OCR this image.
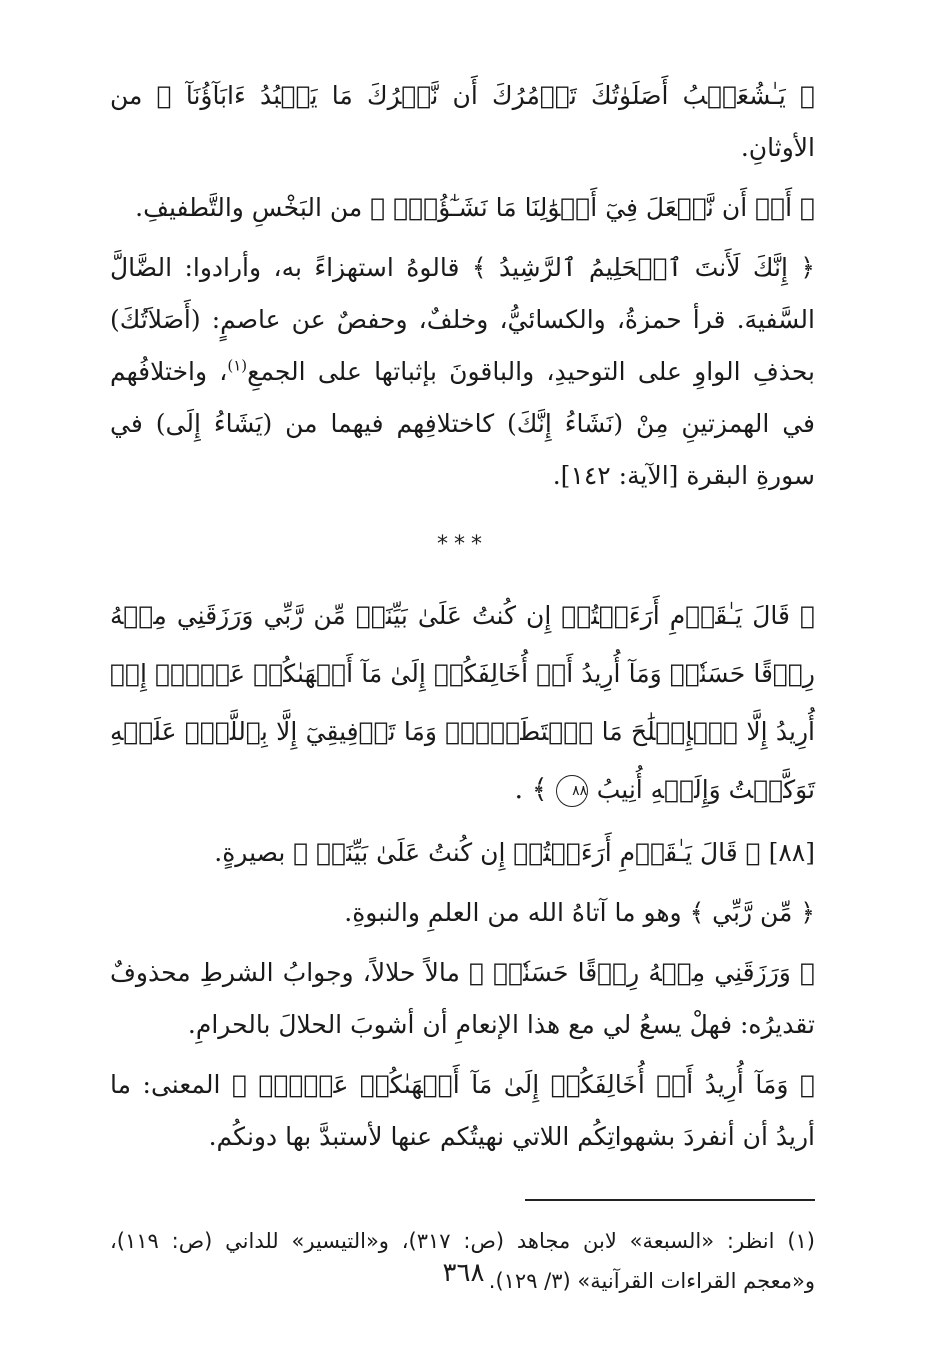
﴿ يَـٰشُعَيۡبُ أَصَلَوٰتُكَ تَأۡمُرُكَ أَن نَّتۡرُكَ مَا يَعۡبُدُ ءَابَآؤُنَآ ﴾ من الأوثانِ.

﴿ أَوۡ أَن نَّفۡعَلَ فِيٓ أَمۡوَٰلِنَا مَا نَشَـٰٓؤُاْۖ ﴾ من البَخْسِ والتَّطفيفِ.

﴿ إِنَّكَ لَأَنتَ ٱلۡحَلِيمُ ٱلرَّشِيدُ ﴾ قالوهُ استهزاءً به، وأرادوا: الضَّالَّ السَّفيهَ. قرأ حمزةُ، والكسائيُّ، وخلفٌ، وحفصٌ عن عاصمٍ: (أَصَلاَتُكَ) بحذفِ الواوِ على التوحيدِ، والباقونَ بإثباتها على الجمعِ$^{(١)}$، واختلافُهم في الهمزتينِ مِنْ (نَشَاءُ إِنَّكَ) كاختلافِهم فيهما من (يَشَاءُ إِلَى) في سورةِ البقرة [الآية: ١٤٢].

***

﴿ قَالَ يَـٰقَوۡمِ أَرَءَيۡتُمۡ إِن كُنتُ عَلَىٰ بَيِّنَةٖ مِّن رَّبِّي وَرَزَقَنِي مِنۡهُ رِزۡقًا حَسَنٗاۚ وَمَآ أُرِيدُ أَنۡ أُخَالِفَكُمۡ إِلَىٰ مَآ أَنۡهَىٰكُمۡ عَنۡهُۚ إِنۡ أُرِيدُ إِلَّا ٱلۡإِصۡلَٰحَ مَا ٱسۡتَطَعۡتُۚ وَمَا تَوۡفِيقِيٓ إِلَّا بِٱللَّهِۚ عَلَيۡهِ تَوَكَّلۡتُ وَإِلَيۡهِ أُنِيبُ ٨٨ ﴾ .

[٨٨] ﴿ قَالَ يَـٰقَوۡمِ أَرَءَيۡتُمۡ إِن كُنتُ عَلَىٰ بَيِّنَةٖ ﴾ بصيرةٍ.

﴿ مِّن رَّبِّي ﴾ وهو ما آتاهُ الله من العلمِ والنبوةِ.

﴿ وَرَزَقَنِي مِنۡهُ رِزۡقًا حَسَنٗاۚ ﴾ مالاً حلالاً، وجوابُ الشرطِ محذوفٌ تقديرُه: فهلْ يسعُ لي مع هذا الإنعامِ أن أشوبَ الحلالَ بالحرامِ.

﴿ وَمَآ أُرِيدُ أَنۡ أُخَالِفَكُمۡ إِلَىٰ مَآ أَنۡهَىٰكُمۡ عَنۡهُۚ ﴾ المعنى: ما أريدُ أن أنفردَ بشهواتِكُم اللاتي نهيتُكم عنها لأستبدَّ بها دونكُم.

(١) انظر: «السبعة» لابن مجاهد (ص: ٣١٧)، و«التيسير» للداني (ص: ١١٩)، و«معجم القراءات القرآنية» (٣/ ١٢٩).

٣٦٨
